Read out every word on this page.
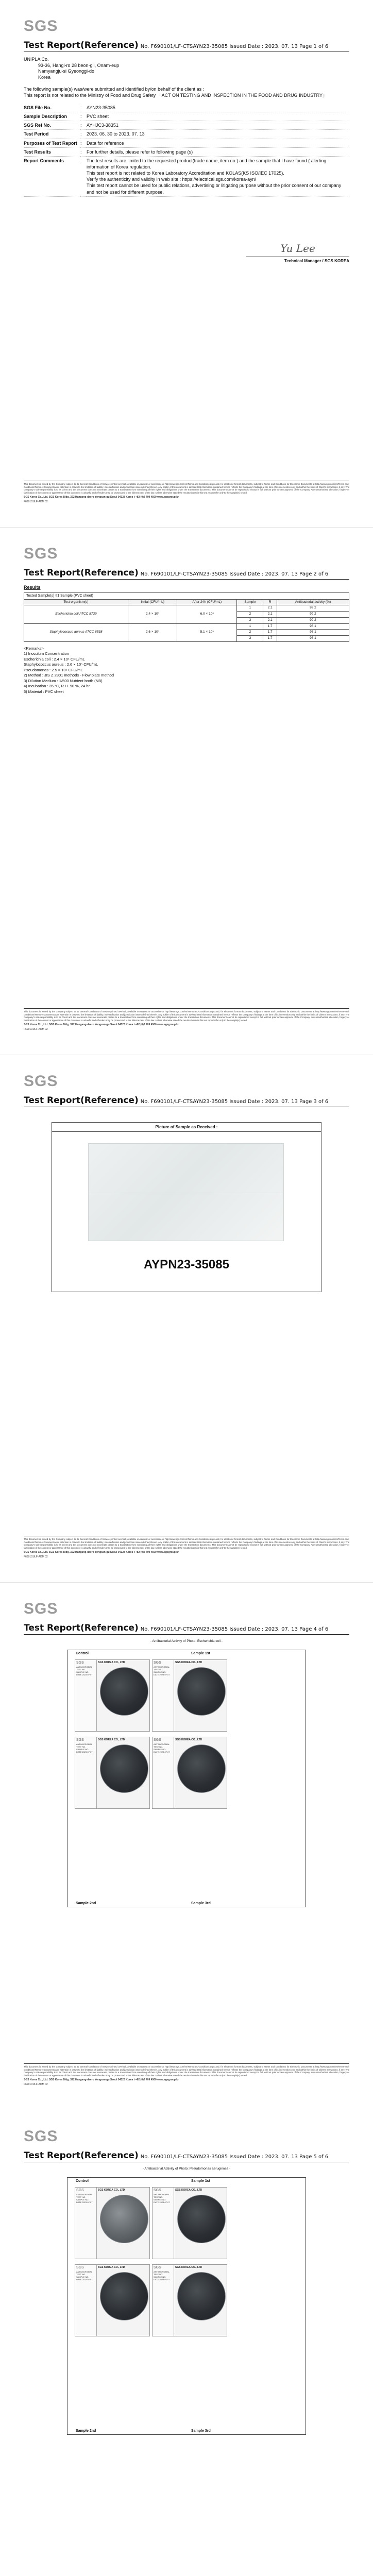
SGS
Test Report(Reference) No. F690101/LF-CTSAYN23-35085 Issued Date : 2023. 07. 13 Page 1 of 6
UNIPLA Co.
93-36, Hangi-ro 28 beon-gil, Onam-eup
Namyangju-si Gyeonggi-do
Korea
The following sample(s) was/were submitted and identified by/on behalf of the client as :
This report is not related to the Ministry of Food and Drug Safety 「ACT ON TESTING AND INSPECTION IN THE FOOD AND DRUG INDUSTRY」
SGS File No.	:	AYN23-35085
Sample Description	:	PVC sheet
SGS Ref No.	:	AYHJC3-38351
Test Period	:	2023. 06. 30 to 2023. 07. 13
Purposes of Test Report	:	Data for reference
Test Results	:	For further details, please refer to following page (s)
Report Comments	:	The test results are limited to the requested product(trade name, item no.) and the sample that I have found ( alerting information of Korea regulation.
This test report is not related to Korea Laboratory Accreditation and KOLAS(KS ISO/IEC 17025).
Verify the authenticity and validity in web site : https://electrical.sgs.com/korea-ayn/
This test report cannot be used for public relations, advertising or litigating purpose without the prior consent of our company and not be used for different purpose.
Yu Lee
Technical Manager / SGS KOREA
This document is issued by the Company subject to its General Conditions of Service printed overleaf, available on request or accessible at http://www.sgs.com/en/Terms-and-Conditions.aspx and, for electronic format documents, subject to Terms and Conditions for Electronic Documents at http://www.sgs.com/en/Terms-and-Conditions/Terms-e-Document.aspx. Attention is drawn to the limitation of liability, indemnification and jurisdiction issues defined therein. Any holder of this document is advised that information contained hereon reflects the Company's findings at the time of its intervention only and within the limits of Client's instructions, if any. The Company's sole responsibility is to its Client and this document does not exonerate parties to a transaction from exercising all their rights and obligations under the transaction documents. This document cannot be reproduced except in full, without prior written approval of the Company. Any unauthorized alteration, forgery or falsification of the content or appearance of this document is unlawful and offenders may be prosecuted to the fullest extent of the law. Unless otherwise stated the results shown in this test report refer only to the sample(s) tested.
SGS Korea Co., Ltd. SGS Korea Bldg. 322 Hangang-daero Yongsan-gu Seoul 04323 Korea t +82 (0)2 709 4500 www.sgsgroup.kr
F690101/LF-ADM 02
SGS
Test Report(Reference) No. F690101/LF-CTSAYN23-35085 Issued Date : 2023. 07. 13 Page 2 of 6
Results
Tested Sample(s) #1 Sample (PVC sheet)
Test organism(s)	Initial (CFU/mL)	After 24h (CFU/mL)	Sample	R	Antibacterial activity (%)
Escherichia coli ATCC 8739	2.4 × 10⁵	6.0 × 10⁶	1	2.1	99.2
			2	2.1	99.2
			3	2.1	99.2
Staphylococcus aureus ATCC 6538	2.6 × 10⁵	5.1 × 10⁵	1	1.7	98.1
			2	1.7	98.1
			3	1.7	98.1
<Remarks>
1) Inoculum Concentration
Escherichia coli : 2.4 × 10⁵ CFU/mL
Staphylococcus aureus : 2.6 × 10⁵ CFU/mL
Pseudomonas : 2.5 × 10⁵ CFU/mL
2) Method : JIS Z 2801 methods - Flow plate method
3) Dilution Medium : 1/500 Nutrient broth (NB)
4) Incubation : 35 °C, R.H. 90 %, 24 hr.
5) Material : PVC sheet
This document is issued by the Company subject to its General Conditions of Service printed overleaf, available on request or accessible at http://www.sgs.com/en/Terms-and-Conditions.aspx and, for electronic format documents, subject to Terms and Conditions for Electronic Documents at http://www.sgs.com/en/Terms-and-Conditions/Terms-e-Document.aspx. Attention is drawn to the limitation of liability, indemnification and jurisdiction issues defined therein. Any holder of this document is advised that information contained hereon reflects the Company's findings at the time of its intervention only and within the limits of Client's instructions, if any. The Company's sole responsibility is to its Client and this document does not exonerate parties to a transaction from exercising all their rights and obligations under the transaction documents. This document cannot be reproduced except in full, without prior written approval of the Company. Any unauthorized alteration, forgery or falsification of the content or appearance of this document is unlawful and offenders may be prosecuted to the fullest extent of the law. Unless otherwise stated the results shown in this test report refer only to the sample(s) tested.
SGS Korea Co., Ltd. SGS Korea Bldg. 322 Hangang-daero Yongsan-gu Seoul 04323 Korea t +82 (0)2 709 4500 www.sgsgroup.kr
F690101/LF-ADM 02
SGS
Test Report(Reference) No. F690101/LF-CTSAYN23-35085 Issued Date : 2023. 07. 13 Page 3 of 6
Picture of Sample as Received :
AYPN23-35085
This document is issued by the Company subject to its General Conditions of Service printed overleaf, available on request or accessible at http://www.sgs.com/en/Terms-and-Conditions.aspx and, for electronic format documents, subject to Terms and Conditions for Electronic Documents at http://www.sgs.com/en/Terms-and-Conditions/Terms-e-Document.aspx. Attention is drawn to the limitation of liability, indemnification and jurisdiction issues defined therein. Any holder of this document is advised that information contained hereon reflects the Company's findings at the time of its intervention only and within the limits of Client's instructions, if any. The Company's sole responsibility is to its Client and this document does not exonerate parties to a transaction from exercising all their rights and obligations under the transaction documents. This document cannot be reproduced except in full, without prior written approval of the Company. Any unauthorized alteration, forgery or falsification of the content or appearance of this document is unlawful and offenders may be prosecuted to the fullest extent of the law. Unless otherwise stated the results shown in this test report refer only to the sample(s) tested.
SGS Korea Co., Ltd. SGS Korea Bldg. 322 Hangang-daero Yongsan-gu Seoul 04323 Korea t +82 (0)2 709 4500 www.sgsgroup.kr
F690101/LF-ADM 02
SGS
Test Report(Reference) No. F690101/LF-CTSAYN23-35085 Issued Date : 2023. 07. 13 Page 4 of 6
- Antibacterial Activity of Photo: Escherichia coli -
Control	Sample 1st
SGS
ANTIMICROBIAL
TEST NO.
SAMPLE NO.
DATE 2023.07.07
SGS KOREA CO., LTD	SGS
ANTIMICROBIAL
TEST NO.
SAMPLE NO.
DATE 2023.07.07
SGS KOREA CO., LTD
SGS
ANTIMICROBIAL
TEST NO.
SAMPLE NO.
DATE 2023.07.07
SGS KOREA CO., LTD	SGS
ANTIMICROBIAL
TEST NO.
SAMPLE NO.
DATE 2023.07.07
SGS KOREA CO., LTD
Sample 2nd	Sample 3rd
This document is issued by the Company subject to its General Conditions of Service printed overleaf, available on request or accessible at http://www.sgs.com/en/Terms-and-Conditions.aspx and, for electronic format documents, subject to Terms and Conditions for Electronic Documents at http://www.sgs.com/en/Terms-and-Conditions/Terms-e-Document.aspx. Attention is drawn to the limitation of liability, indemnification and jurisdiction issues defined therein. Any holder of this document is advised that information contained hereon reflects the Company's findings at the time of its intervention only and within the limits of Client's instructions, if any. The Company's sole responsibility is to its Client and this document does not exonerate parties to a transaction from exercising all their rights and obligations under the transaction documents. This document cannot be reproduced except in full, without prior written approval of the Company. Any unauthorized alteration, forgery or falsification of the content or appearance of this document is unlawful and offenders may be prosecuted to the fullest extent of the law. Unless otherwise stated the results shown in this test report refer only to the sample(s) tested.
SGS Korea Co., Ltd. SGS Korea Bldg. 322 Hangang-daero Yongsan-gu Seoul 04323 Korea t +82 (0)2 709 4500 www.sgsgroup.kr
F690101/LF-ADM 02
SGS
Test Report(Reference) No. F690101/LF-CTSAYN23-35085 Issued Date : 2023. 07. 13 Page 5 of 6
- Antibacterial Activity of Photo: Pseudomonas aeruginosa -
Control	Sample 1st
SGS
ANTIMICROBIAL
TEST NO.
SAMPLE NO.
DATE 2023.07.07
SGS KOREA CO., LTD	SGS
ANTIMICROBIAL
TEST NO.
SAMPLE NO.
DATE 2023.07.07
SGS KOREA CO., LTD
SGS
ANTIMICROBIAL
TEST NO.
SAMPLE NO.
DATE 2023.07.07
SGS KOREA CO., LTD	SGS
ANTIMICROBIAL
TEST NO.
SAMPLE NO.
DATE 2023.07.07
SGS KOREA CO., LTD
Sample 2nd	Sample 3rd
